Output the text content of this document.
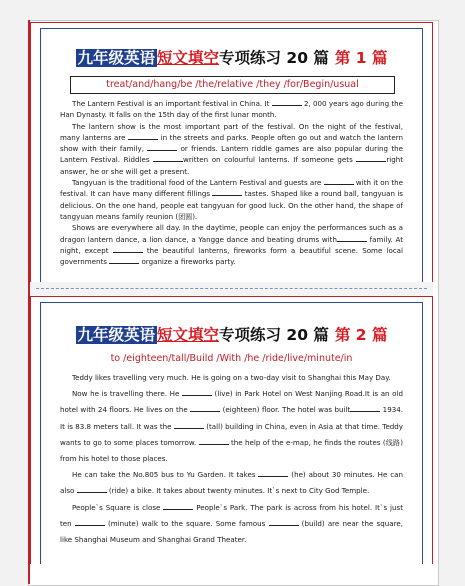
九年级英语 短文填空专项练习 20 篇 第 1 篇
treat/and/hang/be /the/relative /they /for/Begin/usual

The Lantern Festival is an important festival in China. It	2, 000 years ago during the Han Dynasty. It falls on the 15th day of the first lunar month.

The lantern show is the most important part of the festival. On the night of the festival, many lanterns are	in the streets and parks. People often go out and watch the lantern show with their family,	or friends. Lantern riddle games are also popular during the Lantern Festival. Riddles	written on colourful lanterns. If someone gets	right answer, he or she will get a present.

Tangyuan is the traditional food of the Lantern Festival and guests are	with it on the festival. It can have many different fillings	tastes. Shaped like a round ball, tangyuan is delicious. On the one hand, people eat tangyuan for good luck. On the other hand, the shape of tangyuan means family reunion (团圆).

Shows are everywhere all day. In the daytime, people can enjoy the performances such as a dragon lantern dance, a lion dance, a Yangge dance and beating drums with	family. At night, except	the beautiful lanterns, fireworks form a beautiful scene. Some local governments	organize a fireworks party.

九年级英语 短文填空专项练习 20 篇 第 2 篇
to /eighteen/tall/Build /With /he /ride/live/minute/in

Teddy likes travelling very much. He is going on a two-day visit to Shanghai this May Day.

Now he is travelling there. He	(live) in Park Hotel on West Nanjing Road.It is an old hotel with 24 floors. He lives on the	(eighteen) floor. The hotel was built	1934. It is 83.8 meters tall. It was the	(tall) building in China, even in Asia at that time. Teddy wants to go to some places tomorrow.	the help of the e-map, he finds the routes (线路) from his hotel to those places.

He can take the No.805 bus to Yu Garden. It takes	(he) about 30 minutes. He can also	(ride) a bike. It takes about twenty minutes. It`s next to City God Temple.

People`s Square is close	People`s Park. The park is across from his hotel. It`s just ten	(minute) walk to the square. Some famous	(build) are near the square, like Shanghai Museum and Shanghai Grand Theater.
